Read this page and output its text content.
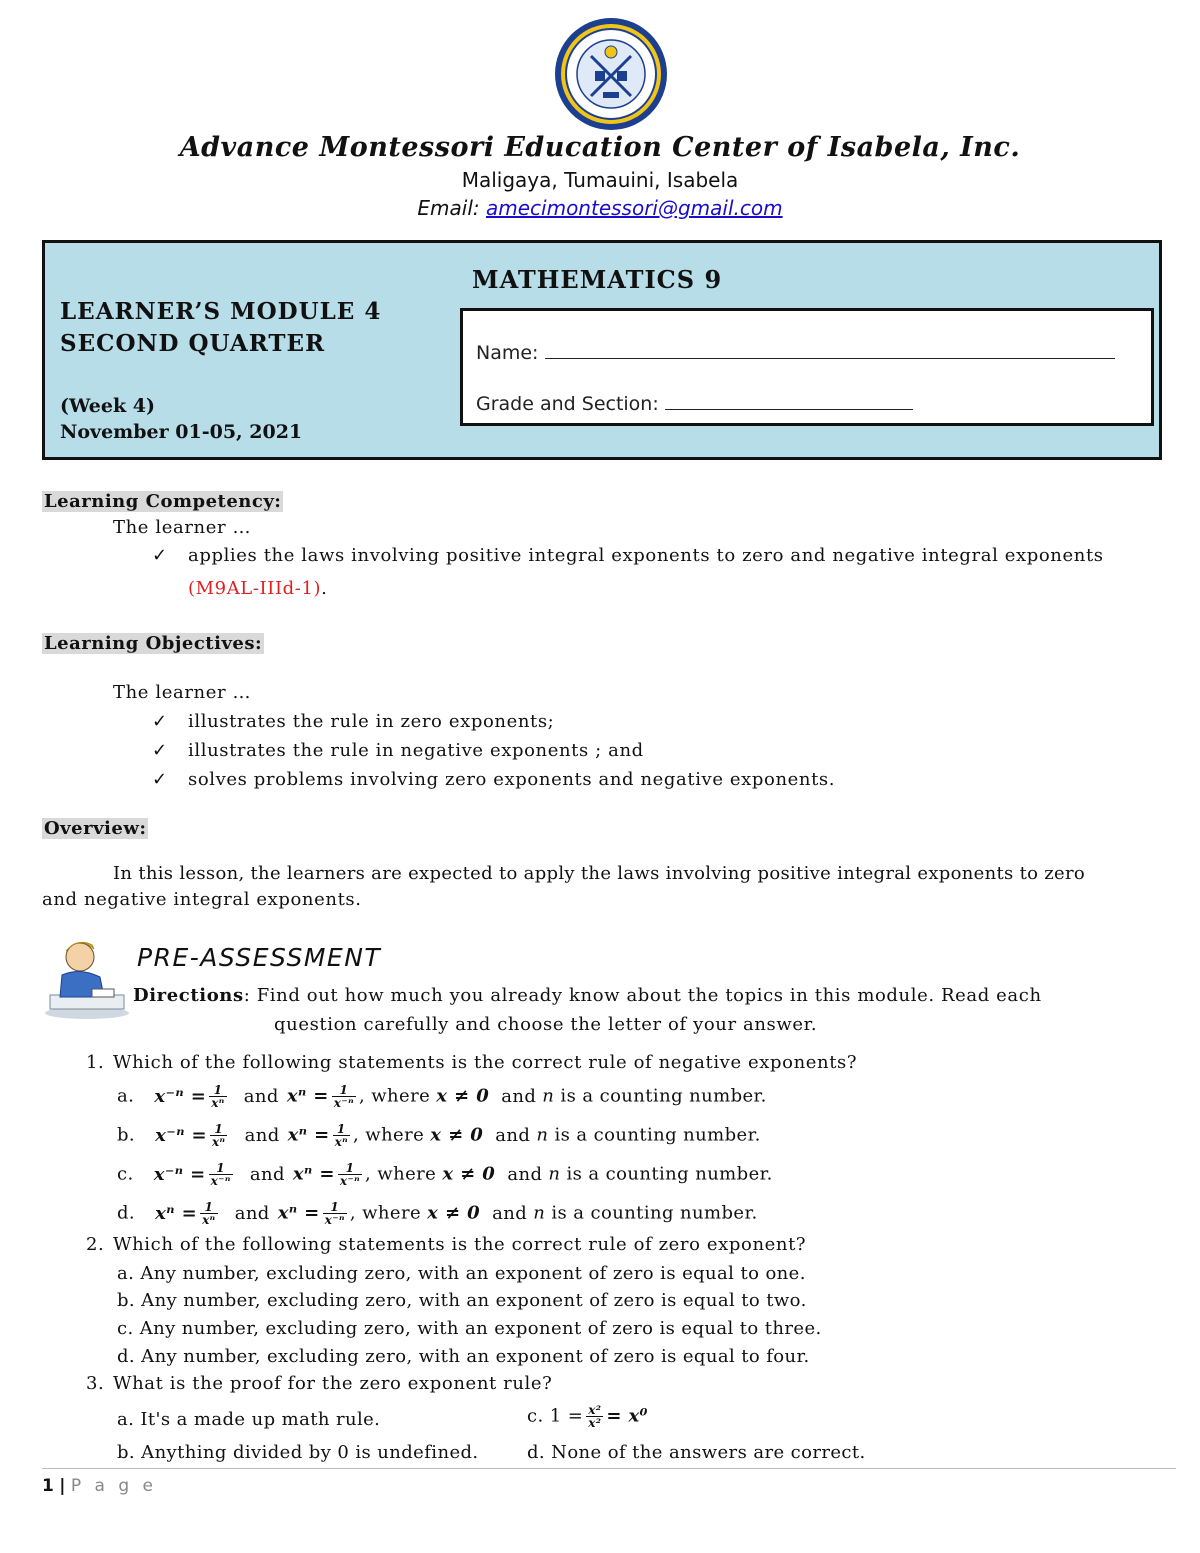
Advance Montessori Education Center of Isabela, Inc.
Maligaya, Tumauini, Isabela
Email: amecimontessori@gmail.com
MATHEMATICS 9
LEARNER’S MODULE 4
SECOND QUARTER
(Week 4)
November 01-05, 2021
Name:
Grade and Section:
Learning Competency:
The learner …
✓ applies the laws involving positive integral exponents to zero and negative integral exponents
(M9AL-IIId-1).
Learning Objectives:
The learner …
✓ illustrates the rule in zero exponents;
✓ illustrates the rule in negative exponents ; and
✓ solves problems involving zero exponents and negative exponents.
Overview:
In this lesson, the learners are expected to apply the laws involving positive integral exponents to zero
and negative integral exponents.
PRE-ASSESSMENT
Directions: Find out how much you already know about the topics in this module. Read each
question carefully and choose the letter of your answer.
1. Which of the following statements is the correct rule of negative exponents?
a. $x^{-n} = \frac{1}{\text{xⁿ}}$ and $x^n = \frac{1}{\text{x⁻ⁿ}}$ , where x ≠ 0 and n is a counting number.
b. $x^{-n} = \frac{1}{\text{xⁿ}}$ and $x^n = \frac{1}{\text{xⁿ}}$ , where x ≠ 0 and n is a counting number.
c. $x^{-n} = \frac{1}{\text{x⁻ⁿ}}$ and $x^n = \frac{1}{\text{x⁻ⁿ}}$ , where x ≠ 0 and n is a counting number.
d. $x^n = \frac{1}{\text{xⁿ}}$ and $x^n = \frac{1}{\text{x⁻ⁿ}}$ , where x ≠ 0 and n is a counting number.
2. Which of the following statements is the correct rule of zero exponent?
a. Any number, excluding zero, with an exponent of zero is equal to one.
b. Any number, excluding zero, with an exponent of zero is equal to two.
c. Any number, excluding zero, with an exponent of zero is equal to three.
d. Any number, excluding zero, with an exponent of zero is equal to four.
3. What is the proof for the zero exponent rule?
a. It's a made up math rule.	c. $1 = \frac{\text{x²}}{\text{x²}} = x^0$
b. Anything divided by 0 is undefined.	d. None of the answers are correct.
1 | P a g e
